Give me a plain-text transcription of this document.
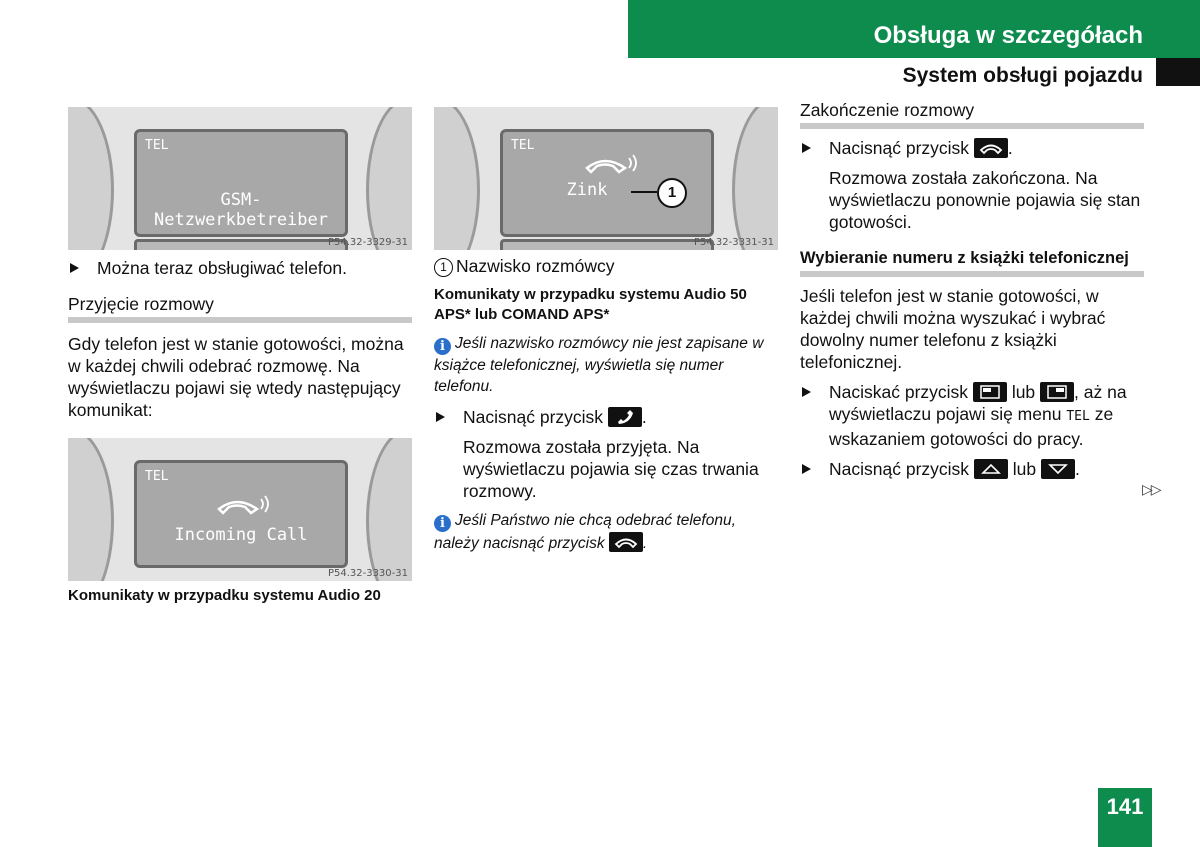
Obsługa w szczegółach
System obsługi pojazdu
TEL
GSM-Netzwerkbetreiber
P54.32-3329-31
Można teraz obsługiwać telefon.
Przyjęcie rozmowy

Gdy telefon jest w stanie gotowości, można w każdej chwili odebrać rozmowę. Na wyświetlaczu pojawi się wtedy następujący komunikat:

TEL
Incoming Call
P54.32-3330-31
Komunikaty w przypadku systemu Audio 20
TEL
Zink	1
P54.32-3331-31
1 Nazwisko rozmówcy
Komunikaty w przypadku systemu Audio 50 APS* lub COMAND APS*
i Jeśli nazwisko rozmówcy nie jest zapisane w książce telefonicznej, wyświetla się numer telefonu.
Nacisnąć przycisk .

Rozmowa została przyjęta. Na wyświetlaczu pojawia się czas trwania rozmowy.

i Jeśli Państwo nie chcą odebrać telefonu, należy nacisnąć przycisk .
Zakończenie rozmowy
Nacisnąć przycisk .

Rozmowa została zakończona. Na wyświetlaczu ponownie pojawia się stan gotowości.

Wybieranie numeru z książki telefonicznej

Jeśli telefon jest w stanie gotowości, w każdej chwili można wyszukać i wybrać dowolny numer telefonu z książki telefonicznej.

Naciskać przycisk	lub , aż na wyświetlaczu pojawi się menu TEL ze wskazaniem gotowości do pracy.
Nacisnąć przycisk	lub .
▷▷
141
